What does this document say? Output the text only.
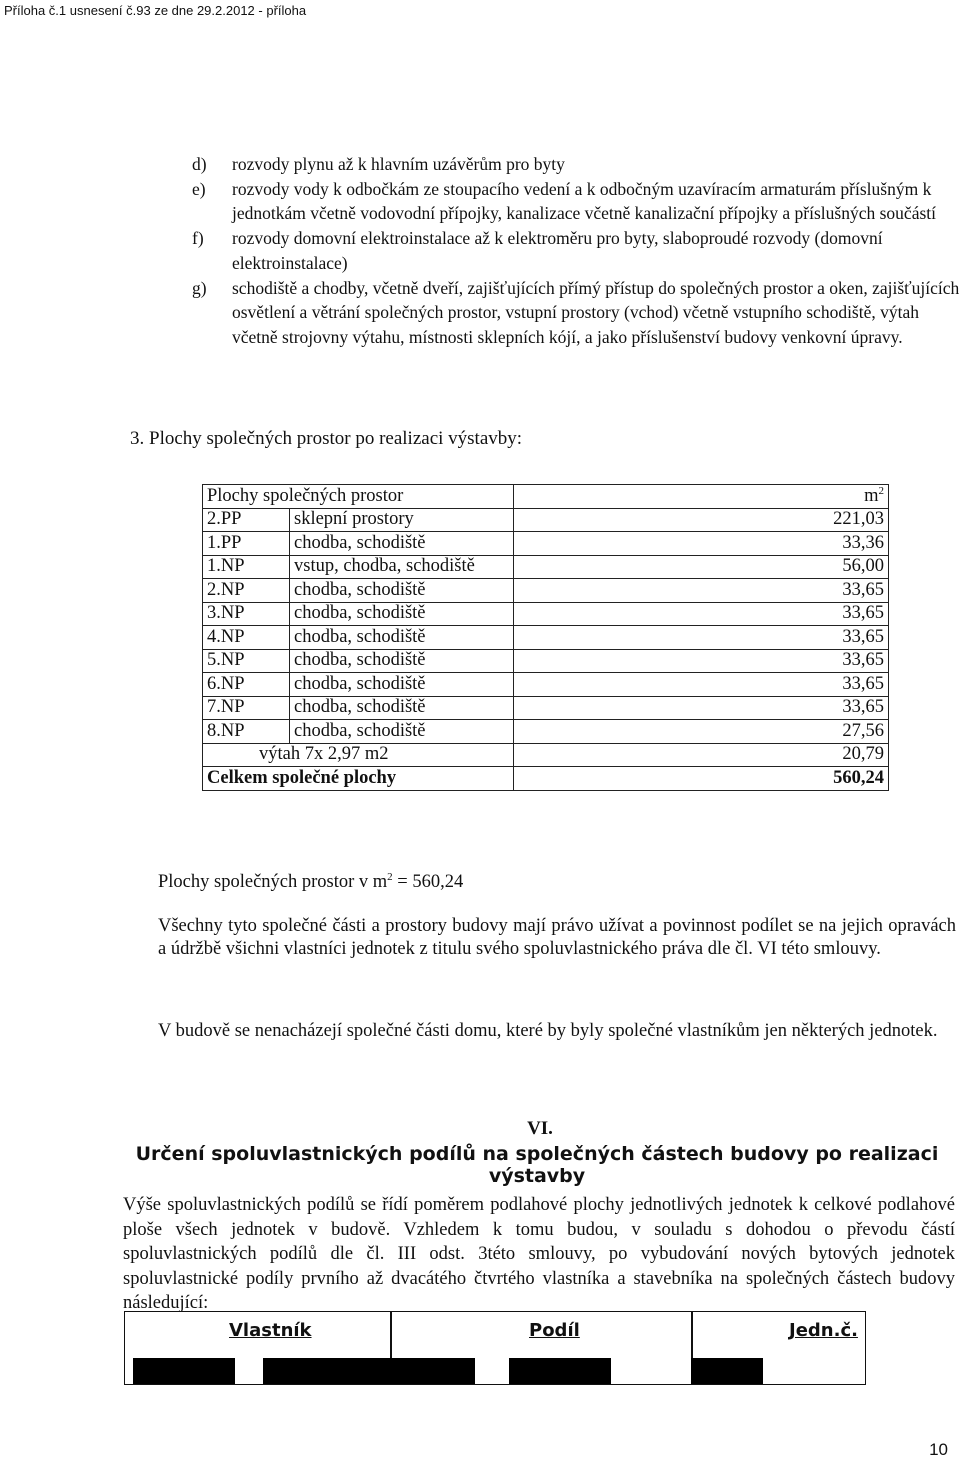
Příloha č.1 usnesení č.93 ze dne 29.2.2012 - příloha
d) rozvody plynu až k hlavním uzávěrům pro byty
e) rozvody vody k odbočkám ze stoupacího vedení a k odbočným uzavíracím armaturám příslušným k jednotkám včetně vodovodní přípojky, kanalizace včetně kanalizační přípojky a příslušných součástí
f) rozvody domovní elektroinstalace až k elektroměru pro byty, slaboproudé rozvody (domovní elektroinstalace)
g) schodiště a chodby, včetně dveří, zajišťujících přímý přístup do společných prostor a oken, zajišťujících osvětlení a větrání společných prostor, vstupní prostory (vchod) včetně vstupního schodiště, výtah včetně strojovny výtahu, místnosti sklepních kójí, a jako příslušenství budovy venkovní úpravy.
3. Plochy společných prostor po realizaci výstavby:
Plochy společných prostor		$m^2$
2.PP	sklepní prostory	221,03
1.PP	chodba, schodiště	33,36
1.NP	vstup, chodba, schodiště	56,00
2.NP	chodba, schodiště	33,65
3.NP	chodba, schodiště	33,65
4.NP	chodba, schodiště	33,65
5.NP	chodba, schodiště	33,65
6.NP	chodba, schodiště	33,65
7.NP	chodba, schodiště	33,65
8.NP	chodba, schodiště	27,56
výtah 7x 2,97 m2		20,79
Celkem společné plochy		560,24
Plochy společných prostor v $m^2 = 560,24$
Všechny tyto společné části a prostory budovy mají právo užívat a povinnost podílet se na jejich opravách a údržbě všichni vlastníci jednotek z titulu svého spoluvlastnického práva dle čl. VI této smlouvy.
V budově se nenacházejí společné části domu, které by byly společné vlastníkům jen některých jednotek.
VI.
Určení spoluvlastnických podílů na společných částech budovy po realizaci výstavby
Výše spoluvlastnických podílů se řídí poměrem podlahové plochy jednotlivých jednotek k celkové podlahové ploše všech jednotek v budově. Vzhledem k tomu budou, v souladu s dohodou o převodu částí spoluvlastnických podílů dle čl. III odst. 3této smlouvy, po vybudování nových bytových jednotek spoluvlastnické podíly prvního až dvacátého čtvrtého vlastníka a stavebníka na společných částech budovy následující:
Vlastník	Podíl	Jedn.č.
10
